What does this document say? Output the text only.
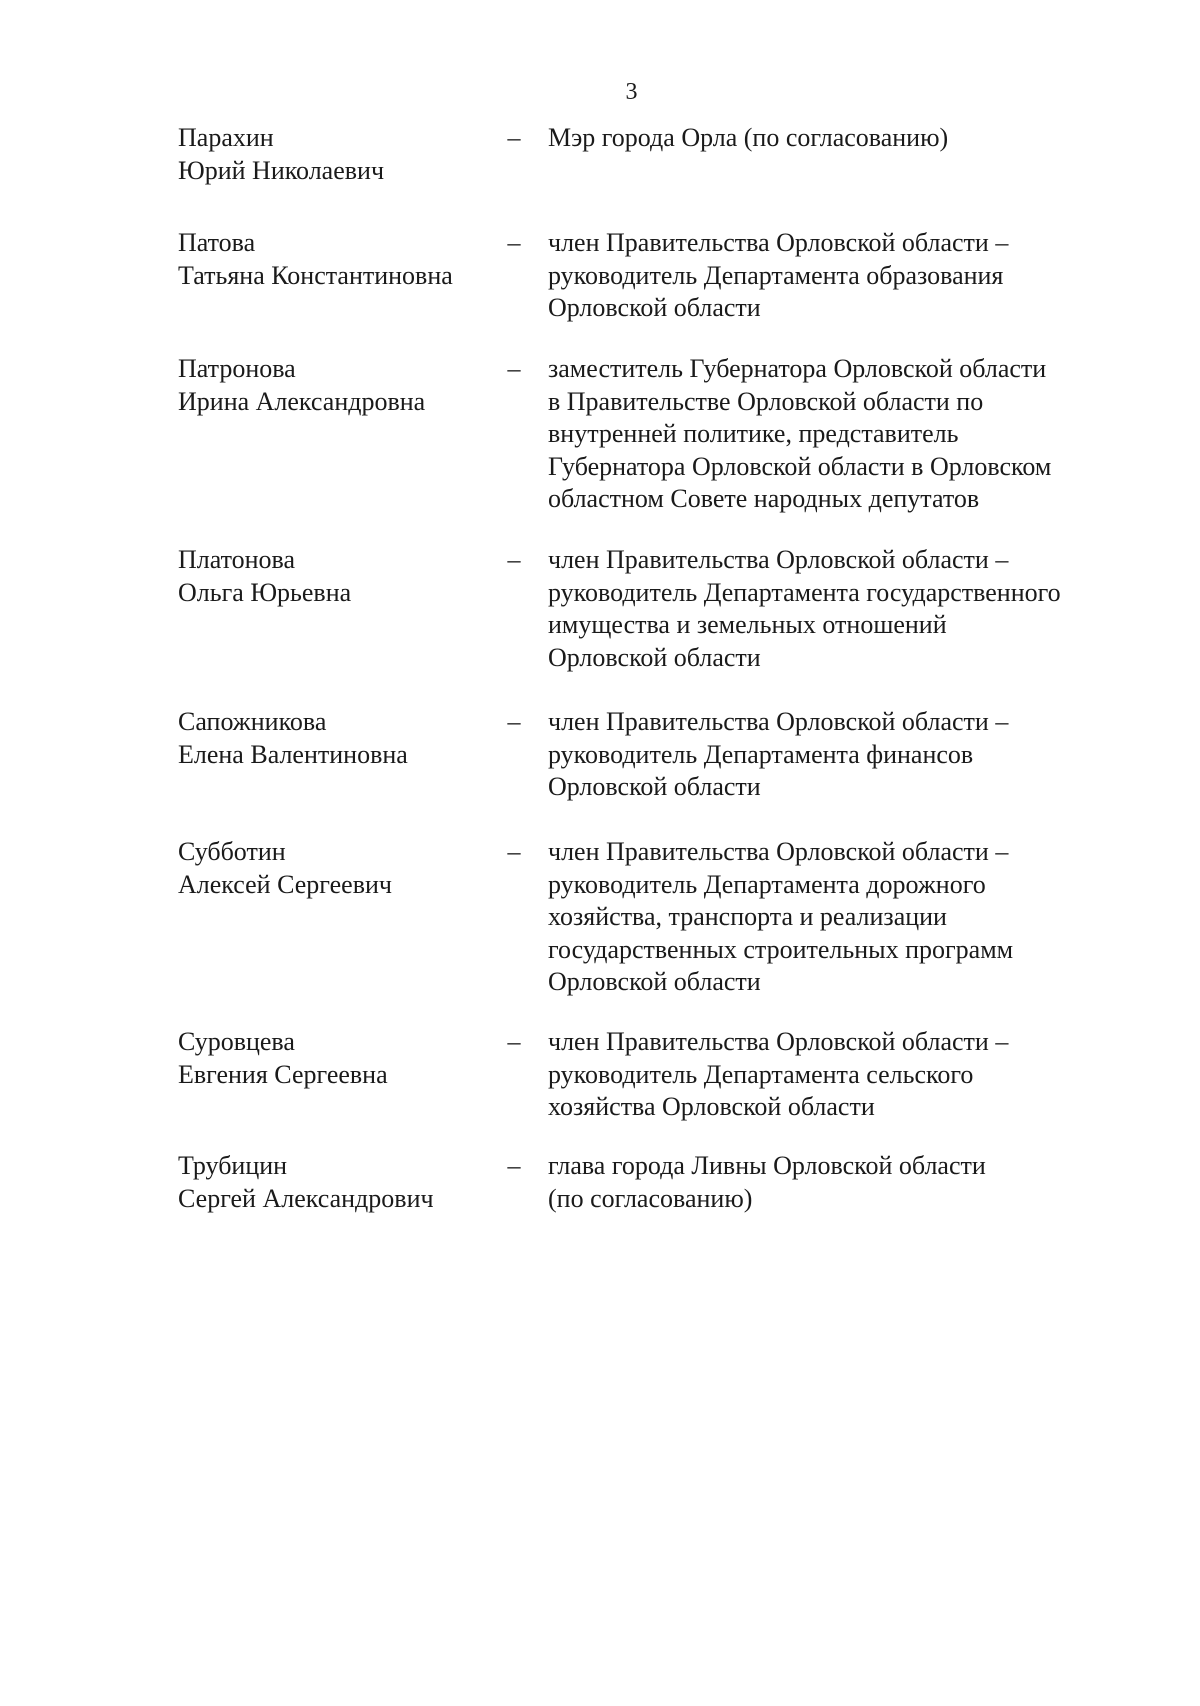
3
Парахин
Юрий Николаевич
– Мэр города Орла (по согласованию)
Патова
Татьяна Константиновна
– член Правительства Орловской области –
руководитель Департамента образования
Орловской области
Патронова
Ирина Александровна
– заместитель Губернатора Орловской области
в Правительстве Орловской области по
внутренней политике, представитель
Губернатора Орловской области в Орловском
областном Совете народных депутатов
Платонова
Ольга Юрьевна
– член Правительства Орловской области –
руководитель Департамента государственного
имущества и земельных отношений
Орловской области
Сапожникова
Елена Валентиновна
– член Правительства Орловской области –
руководитель Департамента финансов
Орловской области
Субботин
Алексей Сергеевич
– член Правительства Орловской области –
руководитель Департамента дорожного
хозяйства, транспорта и реализации
государственных строительных программ
Орловской области
Суровцева
Евгения Сергеевна
– член Правительства Орловской области –
руководитель Департамента сельского
хозяйства Орловской области
Трубицин
Сергей Александрович
– глава города Ливны Орловской области
(по согласованию)
